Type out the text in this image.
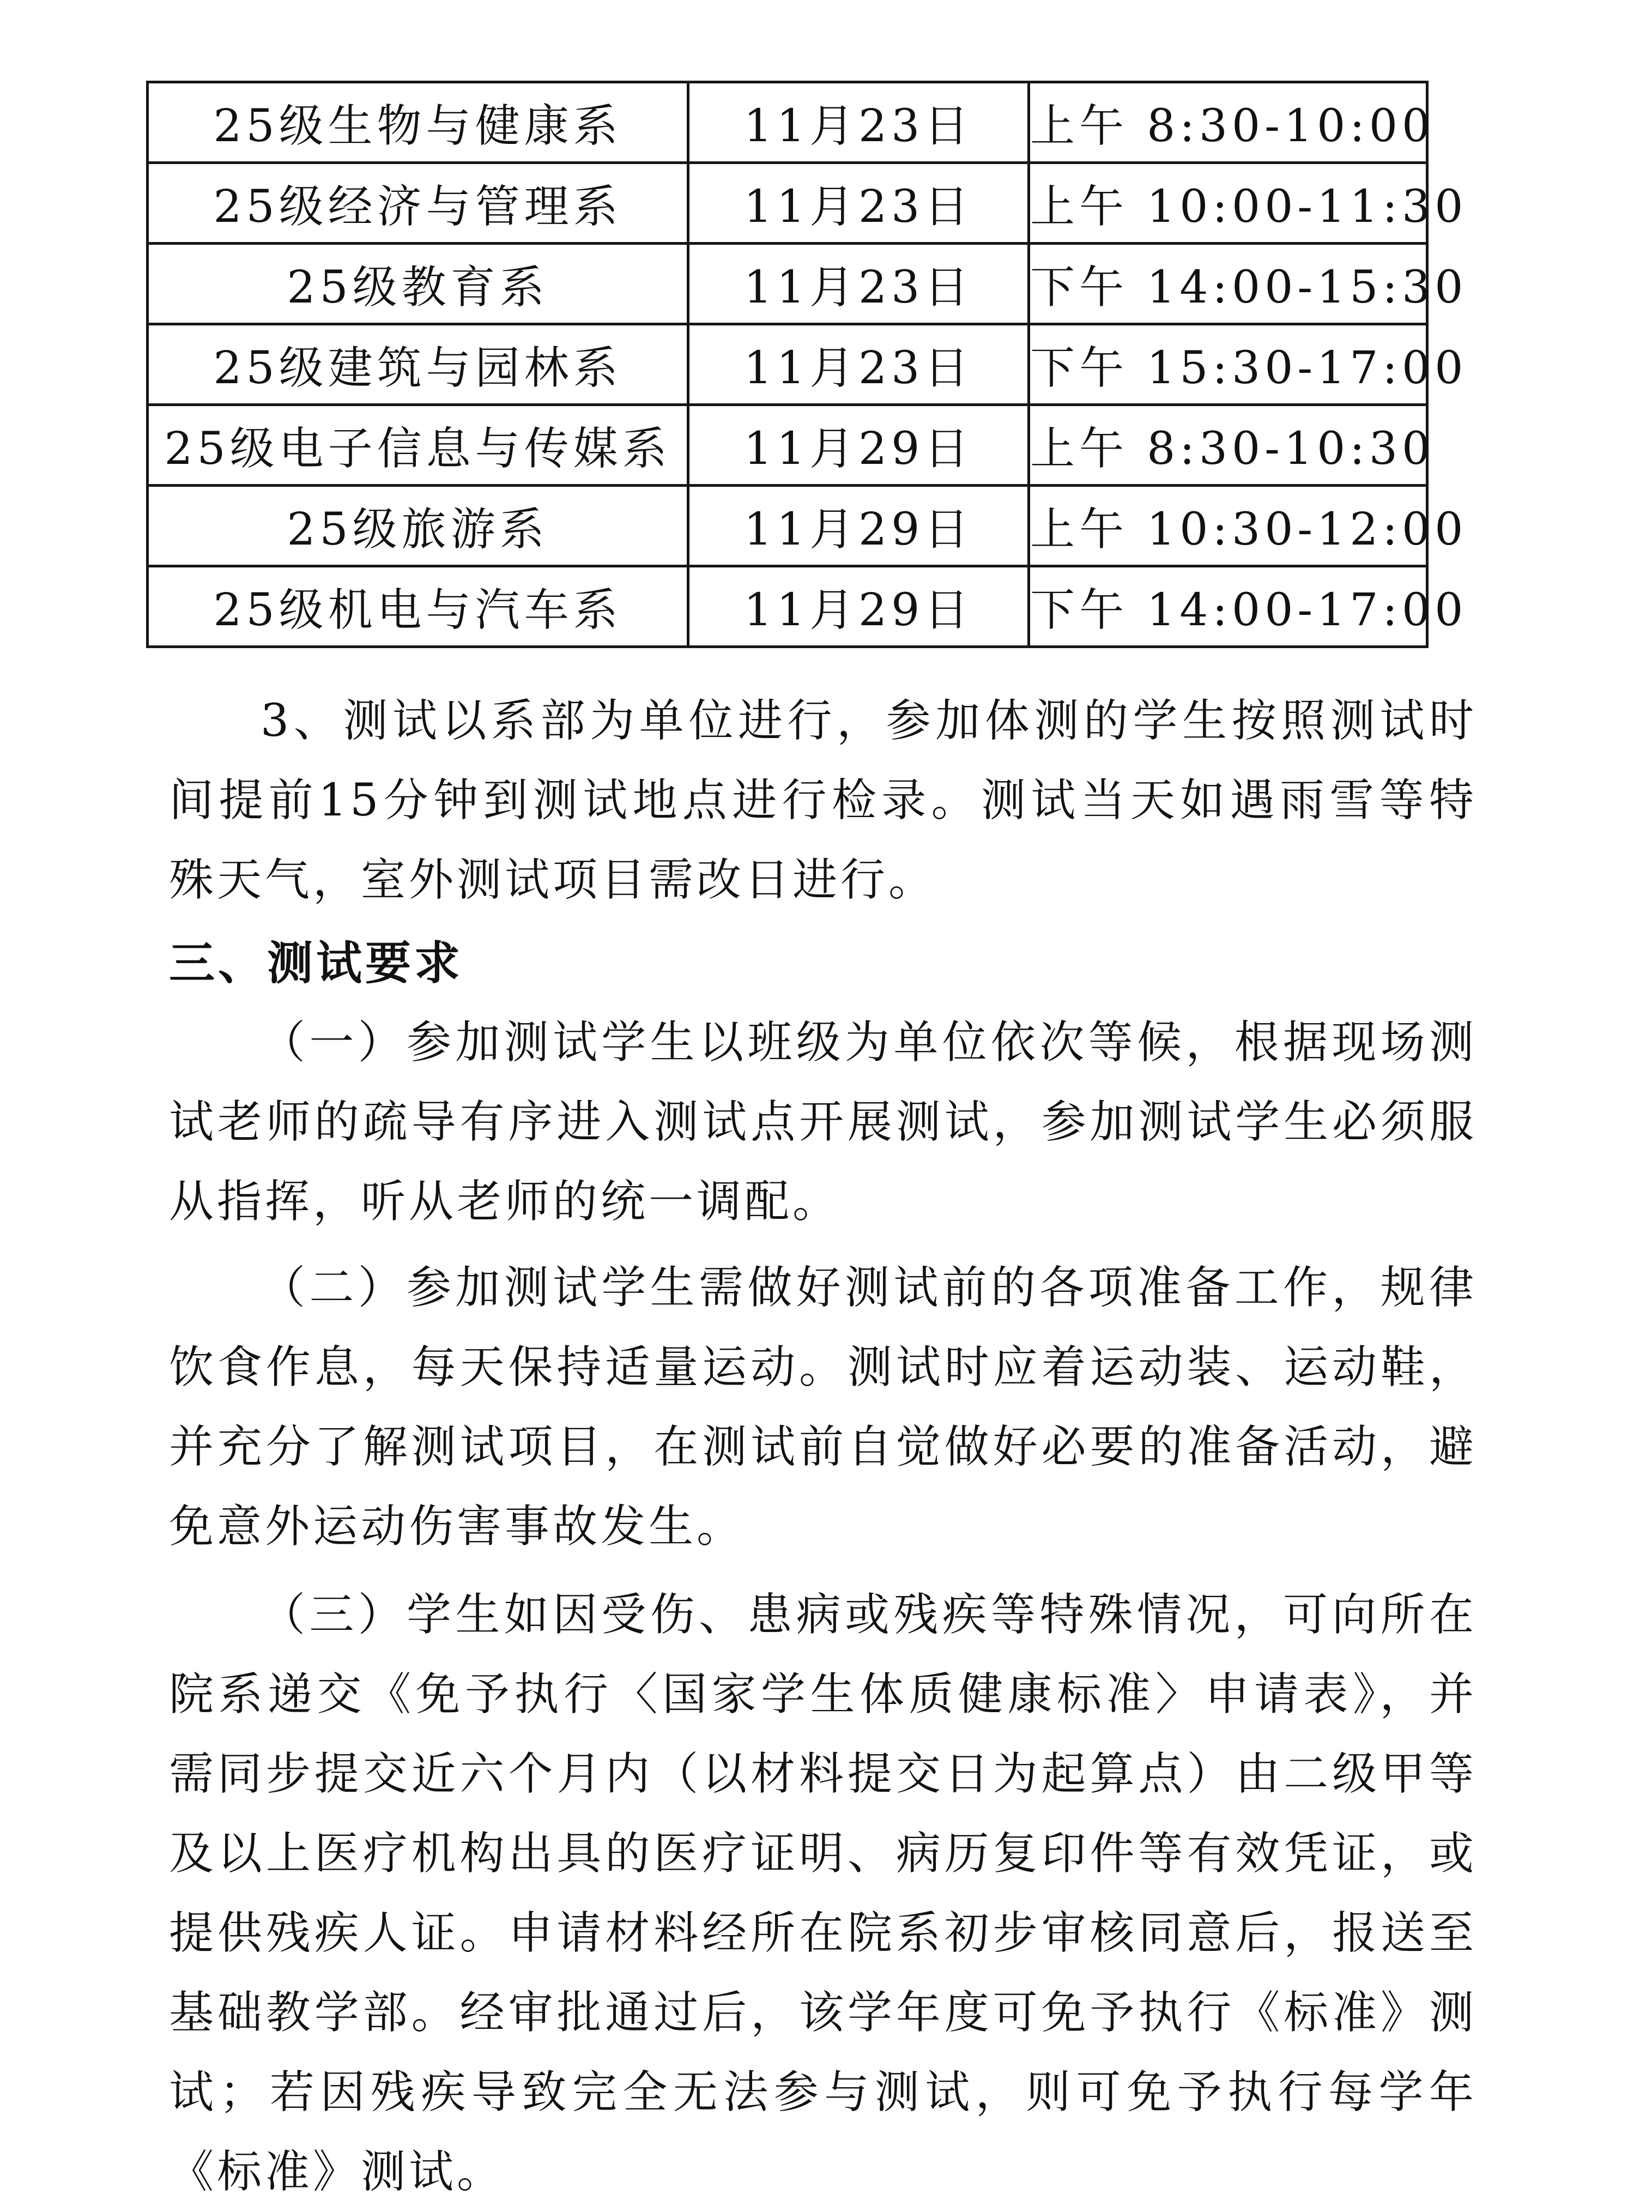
25级生物与健康系	11月23日	上午 8:30-10:00
25级经济与管理系	11月23日	上午 10:00-11:30
25级教育系	11月23日	下午 14:00-15:30
25级建筑与园林系	11月23日	下午 15:30-17:00
25级电子信息与传媒系	11月29日	上午 8:30-10:30
25级旅游系	11月29日	上午 10:30-12:00
25级机电与汽车系	11月29日	下午 14:00-17:00

3、测试以系部为单位进行，参加体测的学生按照测试时间提前15分钟到测试地点进行检录。测试当天如遇雨雪等特殊天气，室外测试项目需改日进行。

三、测试要求

（一）参加测试学生以班级为单位依次等候，根据现场测试老师的疏导有序进入测试点开展测试，参加测试学生必须服从指挥，听从老师的统一调配。

（二）参加测试学生需做好测试前的各项准备工作，规律饮食作息，每天保持适量运动。测试时应着运动装、运动鞋，并充分了解测试项目，在测试前自觉做好必要的准备活动，避免意外运动伤害事故发生。

（三）学生如因受伤、患病或残疾等特殊情况，可向所在院系递交《免予执行〈国家学生体质健康标准〉申请表》，并需同步提交近六个月内（以材料提交日为起算点）由二级甲等及以上医疗机构出具的医疗证明、病历复印件等有效凭证，或提供残疾人证。申请材料经所在院系初步审核同意后，报送至基础教学部。经审批通过后，该学年度可免予执行《标准》测试；若因残疾导致完全无法参与测试，则可免予执行每学年《标准》测试。
